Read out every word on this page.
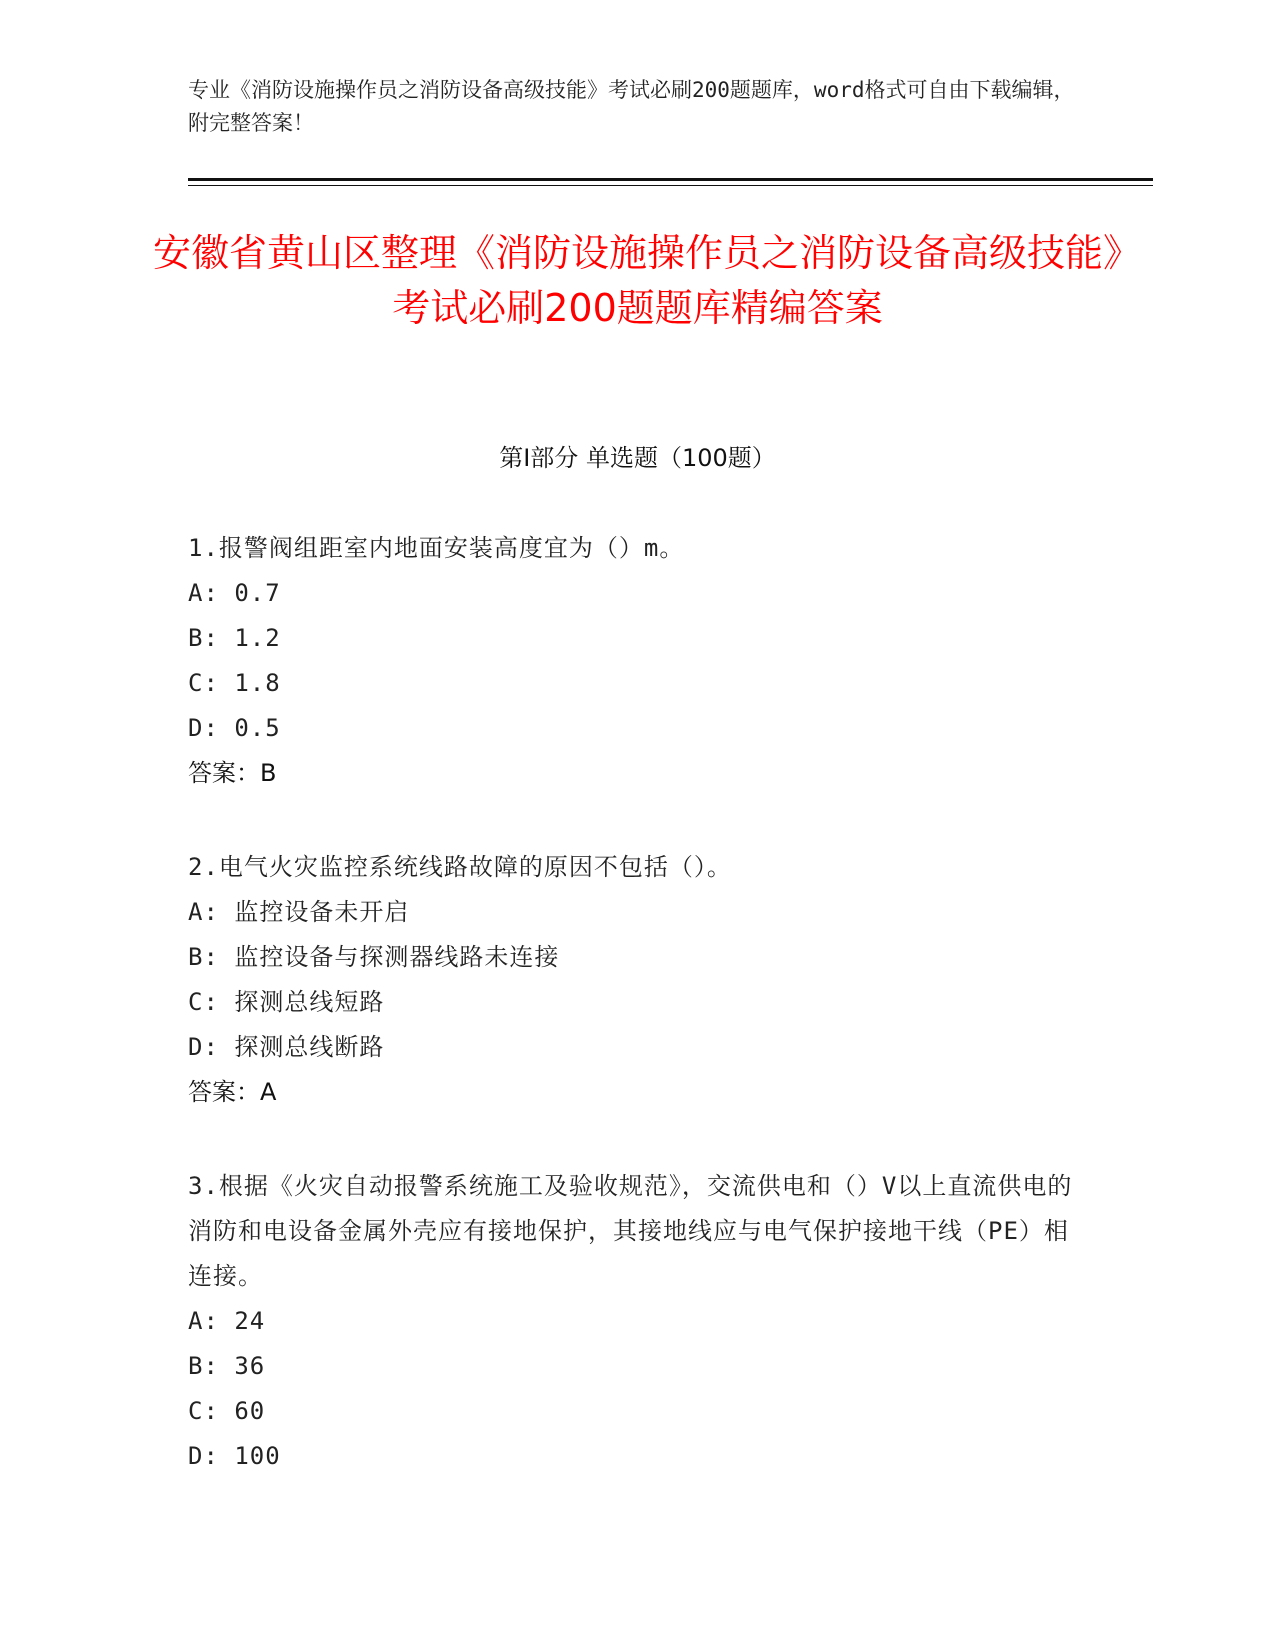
专业《消防设施操作员之消防设备高级技能》考试必刷200题题库，word格式可自由下载编辑，附完整答案！
安徽省黄山区整理《消防设施操作员之消防设备高级技能》考试必刷200题题库精编答案
第I部分 单选题（100题）
1.报警阀组距室内地面安装高度宜为（）m。
A: 0.7
B: 1.2
C: 1.8
D: 0.5
答案：B
2.电气火灾监控系统线路故障的原因不包括（）。
A: 监控设备未开启
B: 监控设备与探测器线路未连接
C: 探测总线短路
D: 探测总线断路
答案：A
3.根据《火灾自动报警系统施工及验收规范》，交流供电和（）V以上直流供电的消防和电设备金属外壳应有接地保护，其接地线应与电气保护接地干线（PE）相连接。
A: 24
B: 36
C: 60
D: 100
